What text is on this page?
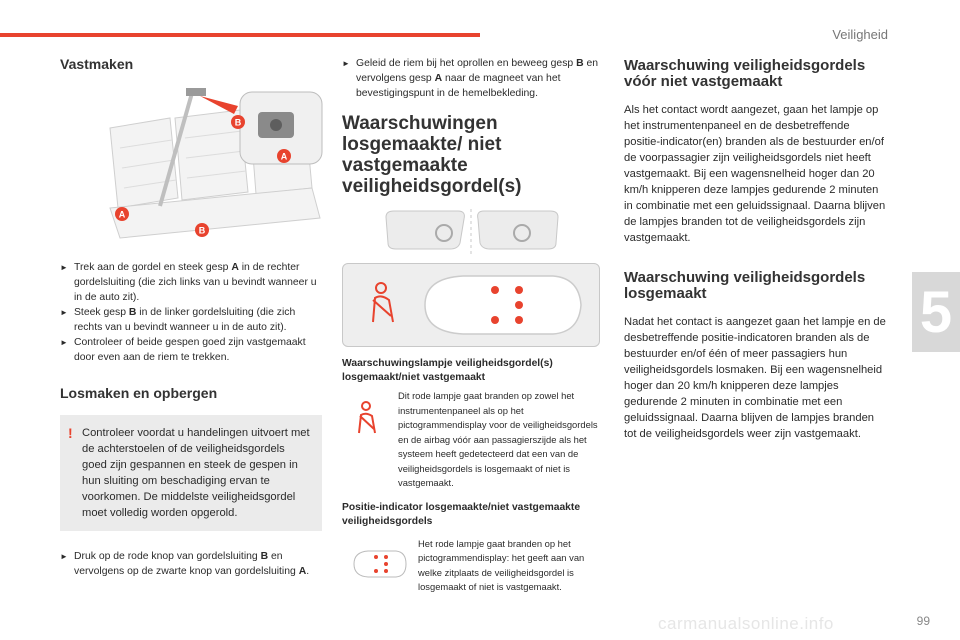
Veiligheid
5
99
carmanualsonline.info
Vastmaken
B
A
A
B
► Trek aan de gordel en steek gesp A in de rechter gordelsluiting (die zich links van u bevindt wanneer u in de auto zit).
► Steek gesp B in de linker gordelsluiting (die zich rechts van u bevindt wanneer u in de auto zit).
► Controleer of beide gespen goed zijn vastgemaakt door even aan de riem te trekken.
Losmaken en opbergen
! Controleer voordat u handelingen uitvoert met de achterstoelen of de veiligheidsgordels goed zijn gespannen en steek de gespen in hun sluiting om beschadiging ervan te voorkomen. De middelste veiligheidsgordel moet volledig worden opgerold.
► Druk op de rode knop van gordelsluiting B en vervolgens op de zwarte knop van gordelsluiting A.
► Geleid de riem bij het oprollen en beweeg gesp B en vervolgens gesp A naar de magneet van het bevestigingspunt in de hemelbekleding.
Waarschuwingen losgemaakte/ niet vastgemaakte veiligheidsgordel(s)

Waarschuwingslampje veiligheidsgordel(s) losgemaakt/niet vastgemaakt

Dit rode lampje gaat branden op zowel het instrumentenpaneel als op het pictogrammendisplay voor de veiligheidsgordels en de airbag vóór aan passagierszijde als het systeem heeft gedetecteerd dat een van de veiligheidsgordels is losgemaakt of niet is vastgemaakt.

Positie-indicator losgemaakte/niet vastgemaakte veiligheidsgordels

Het rode lampje gaat branden op het pictogrammendisplay: het geeft aan van welke zitplaats de veiligheidsgordel is losgemaakt of niet is vastgemaakt.

Waarschuwing veiligheidsgordels vóór niet vastgemaakt

Als het contact wordt aangezet, gaan het lampje op het instrumentenpaneel en de desbetreffende positie-indicator(en) branden als de bestuurder en/of de voorpassagier zijn veiligheidsgordels niet heeft vastgemaakt. Bij een wagensnelheid hoger dan 20 km/h knipperen deze lampjes gedurende 2 minuten in combinatie met een geluidssignaal. Daarna blijven de lampjes branden tot de veiligheidsgordels zijn vastgemaakt.

Waarschuwing veiligheidsgordels losgemaakt

Nadat het contact is aangezet gaan het lampje en de desbetreffende positie-indicatoren branden als de bestuurder en/of één of meer passagiers hun veiligheidsgordels losmaken. Bij een wagensnelheid hoger dan 20 km/h knipperen deze lampjes gedurende 2 minuten in combinatie met een geluidssignaal. Daarna blijven de lampjes branden tot de veiligheidsgordels weer zijn vastgemaakt.
